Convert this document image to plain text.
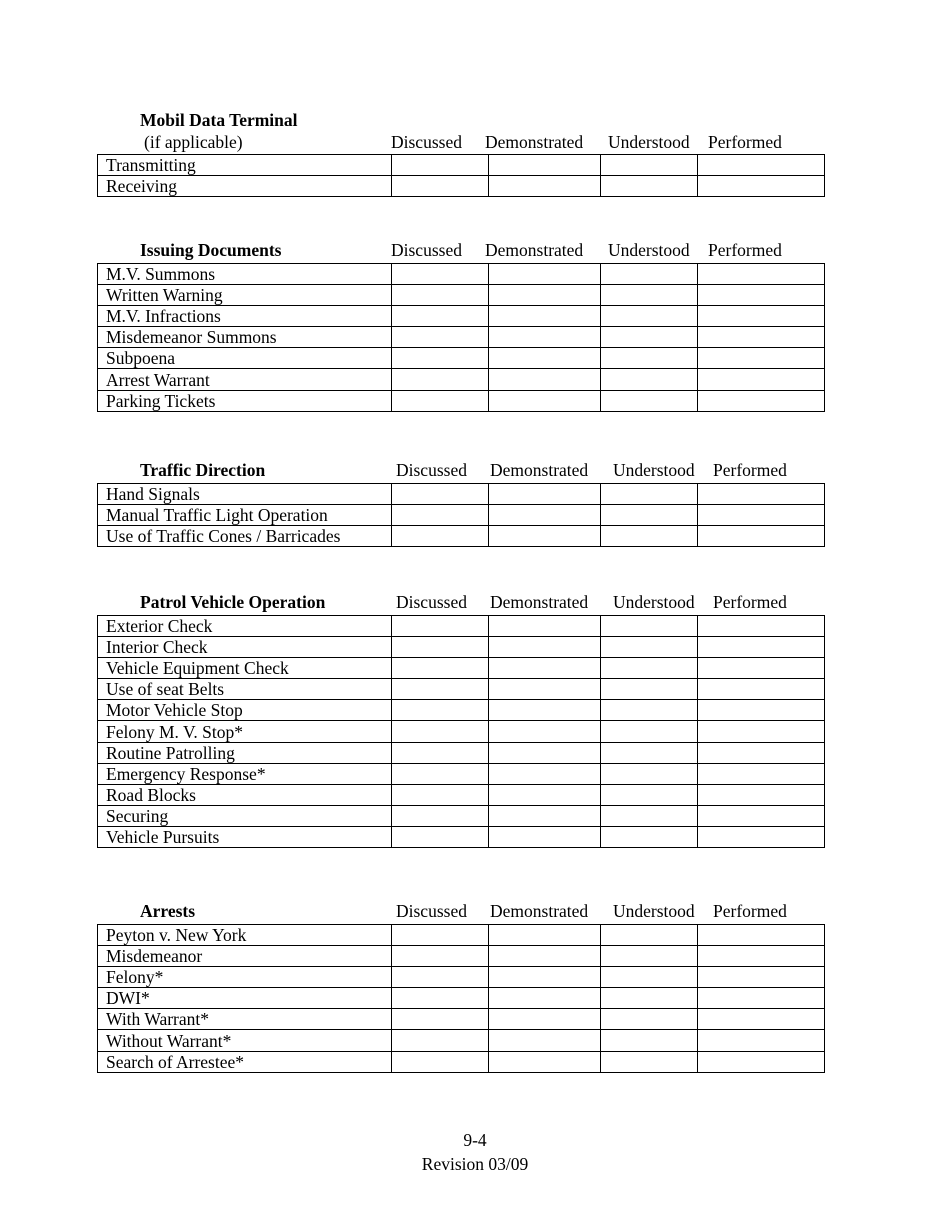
Mobil Data Terminal
(if applicable)	Discussed Demonstrated Understood Performed
Transmitting				
Receiving				
Issuing Documents	Discussed Demonstrated Understood Performed
M.V. Summons				
Written Warning				
M.V. Infractions				
Misdemeanor Summons				
Subpoena				
Arrest Warrant				
Parking Tickets				
Traffic Direction	Discussed Demonstrated Understood Performed
Hand Signals				
Manual Traffic Light Operation				
Use of Traffic Cones / Barricades				
Patrol Vehicle Operation	Discussed Demonstrated Understood Performed
Exterior Check				
Interior Check				
Vehicle Equipment Check				
Use of seat Belts				
Motor Vehicle Stop				
Felony M. V. Stop*				
Routine Patrolling				
Emergency Response*				
Road Blocks				
Securing				
Vehicle Pursuits				
Arrests	Discussed Demonstrated Understood Performed
Peyton v. New York				
Misdemeanor				
Felony*				
DWI*				
With Warrant*				
Without Warrant*				
Search of Arrestee*				
9-4
Revision 03/09
